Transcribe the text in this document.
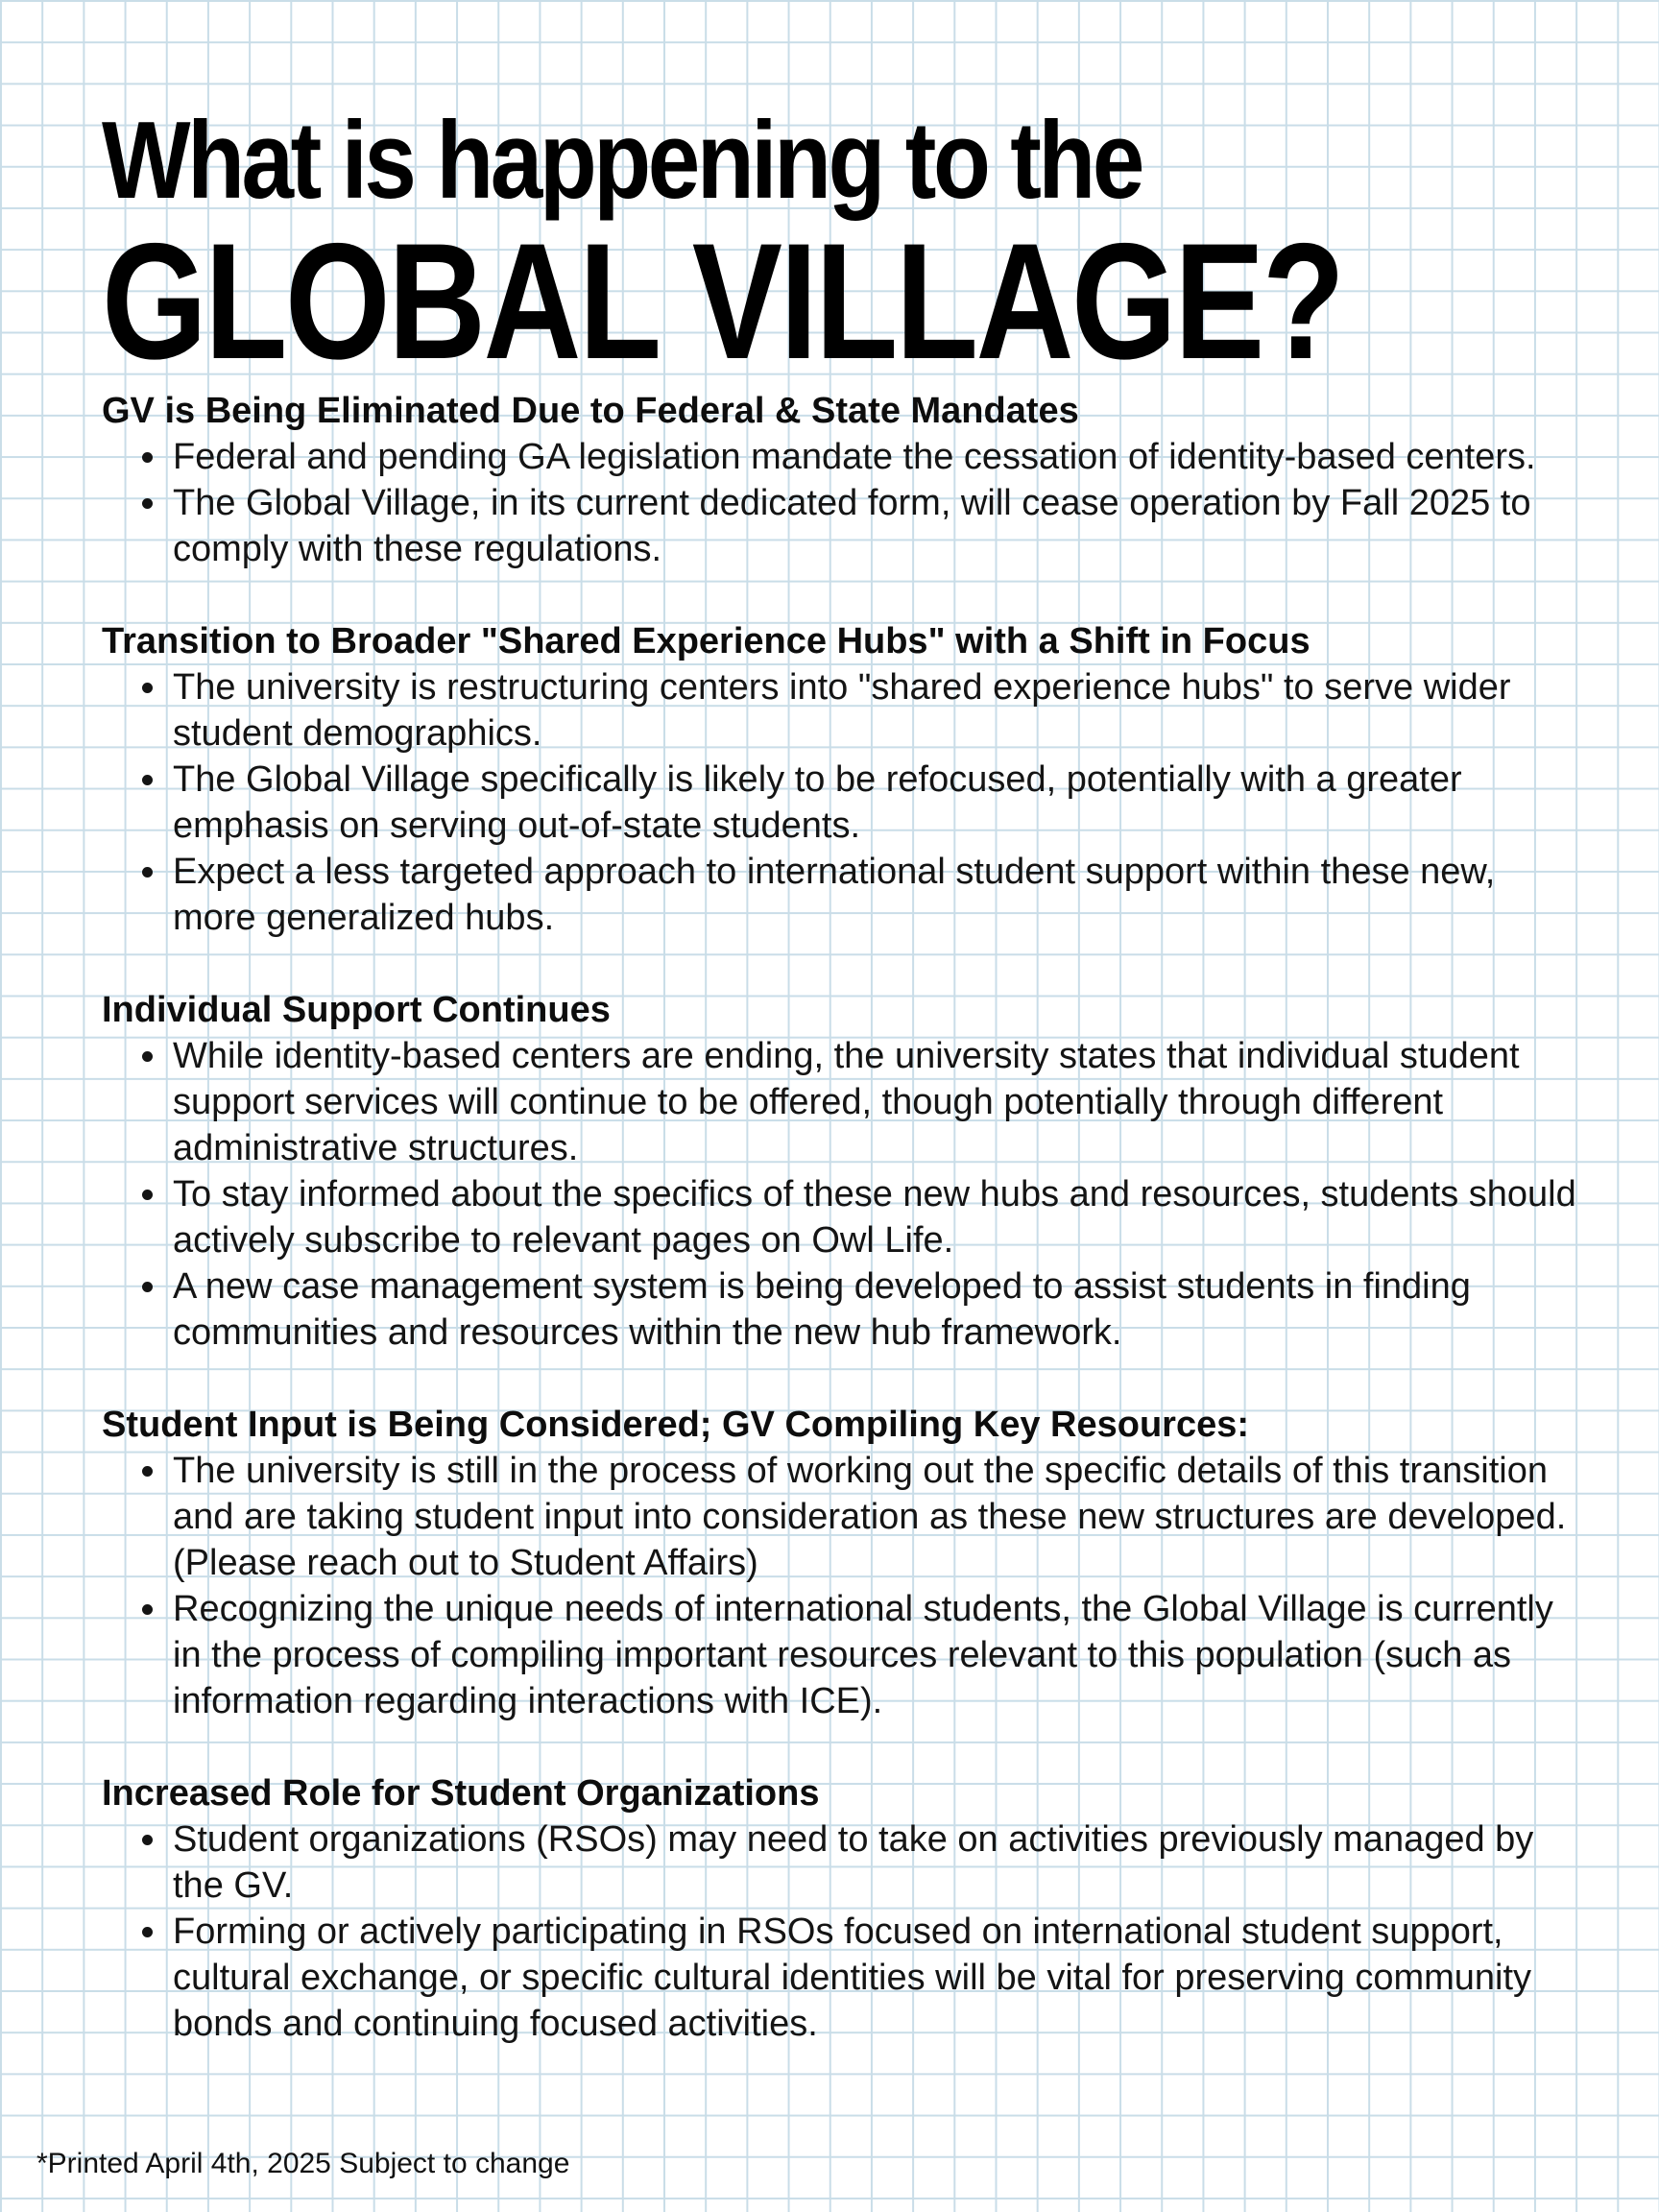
What is happening to the
GLOBAL VILLAGE?
GV is Being Eliminated Due to Federal & State Mandates
Federal and pending GA legislation mandate the cessation of identity-based centers.
The Global Village, in its current dedicated form, will cease operation by Fall 2025 to comply with these regulations.
Transition to Broader "Shared Experience Hubs" with a Shift in Focus
The university is restructuring centers into "shared experience hubs" to serve wider student demographics.
The Global Village specifically is likely to be refocused, potentially with a greater emphasis on serving out-of-state students.
Expect a less targeted approach to international student support within these new, more generalized hubs.
Individual Support Continues
While identity-based centers are ending, the university states that individual student support services will continue to be offered, though potentially through different administrative structures.
To stay informed about the specifics of these new hubs and resources, students should actively subscribe to relevant pages on Owl Life.
A new case management system is being developed to assist students in finding communities and resources within the new hub framework.
Student Input is Being Considered; GV Compiling Key Resources:
The university is still in the process of working out the specific details of this transition and are taking student input into consideration as these new structures are developed. (Please reach out to Student Affairs)
Recognizing the unique needs of international students, the Global Village is currently in the process of compiling important resources relevant to this population (such as information regarding interactions with ICE).
Increased Role for Student Organizations
Student organizations (RSOs) may need to take on activities previously managed by the GV.
Forming or actively participating in RSOs focused on international student support, cultural exchange, or specific cultural identities will be vital for preserving community bonds and continuing focused activities.
*Printed April 4th, 2025 Subject to change
